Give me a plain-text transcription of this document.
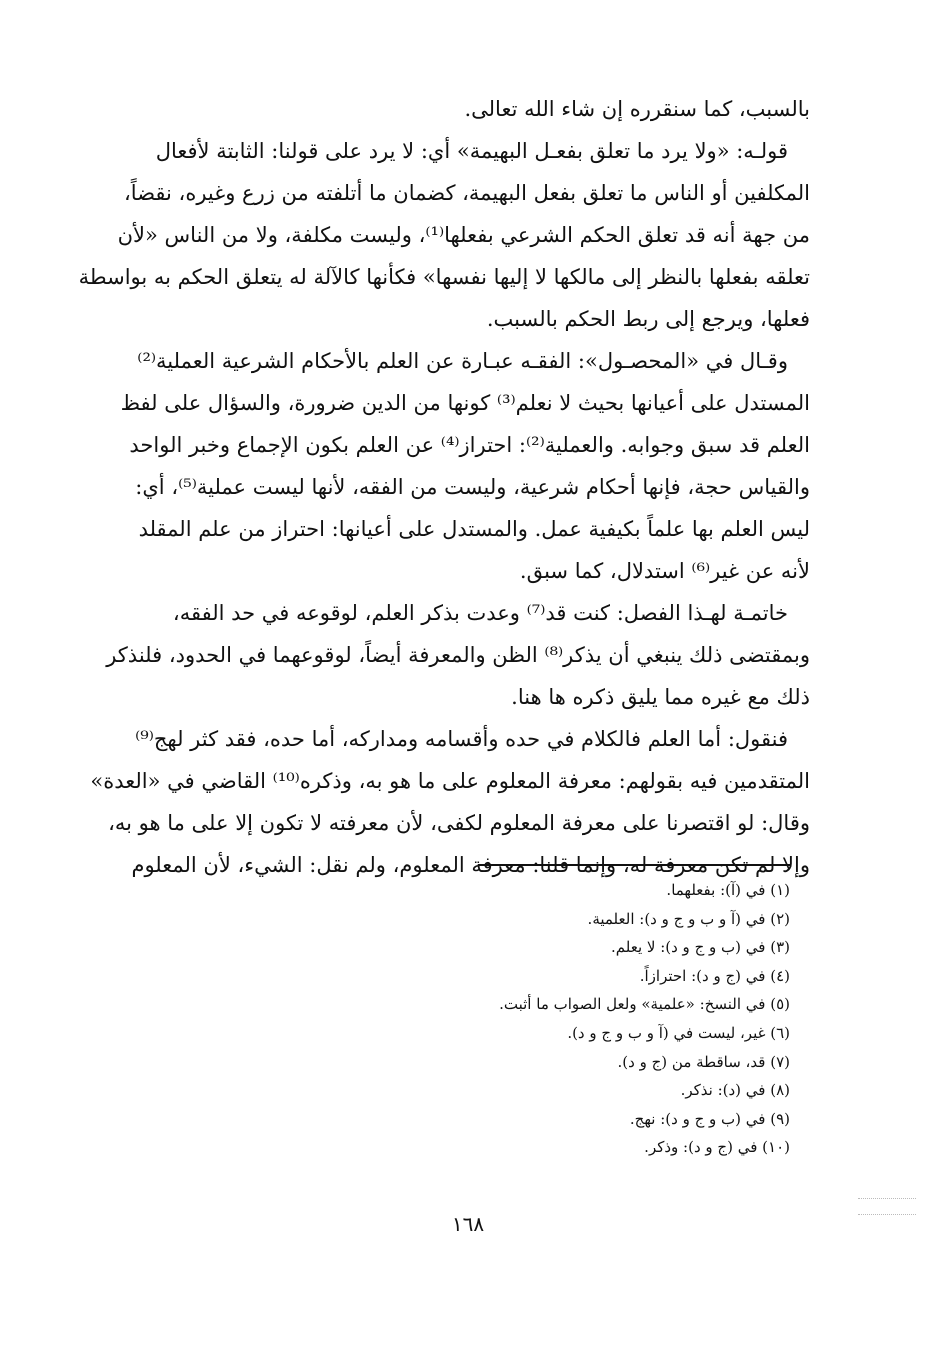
بالسبب، كما سنقرره إن شاء الله تعالى.
قولـه: «ولا يرد ما تعلق بفعـل البهيمة» أي: لا يرد على قولنا: الثابتة لأفعال
المكلفين أو الناس ما تعلق بفعل البهيمة، كضمان ما أتلفته من زرع وغيره، نقضاً،
من جهة أنه قد تعلق الحكم الشرعي بفعلها⁽¹⁾، وليست مكلفة، ولا من الناس «لأن
تعلقه بفعلها بالنظر إلى مالكها لا إليها نفسها» فكأنها كالآلة له يتعلق الحكم به بواسطة
فعلها، ويرجع إلى ربط الحكم بالسبب.
وقـال في «المحصـول»: الفقـه عبـارة عن العلم بالأحكام الشرعية العملية⁽²⁾
المستدل على أعيانها بحيث لا نعلم⁽³⁾ كونها من الدين ضرورة، والسؤال على لفظ
العلم قد سبق وجوابه. والعملية⁽²⁾: احتراز⁽⁴⁾ عن العلم بكون الإجماع وخبر الواحد
والقياس حجة، فإنها أحكام شرعية، وليست من الفقه، لأنها ليست عملية⁽⁵⁾، أي:
ليس العلم بها علماً بكيفية عمل. والمستدل على أعيانها: احتراز من علم المقلد
لأنه عن غير⁽⁶⁾ استدلال، كما سبق.
خاتمـة لهـذا الفصل: كنت قد⁽⁷⁾ وعدت بذكر العلم، لوقوعه في حد الفقه،
وبمقتضى ذلك ينبغي أن يذكر⁽⁸⁾ الظن والمعرفة أيضاً، لوقوعهما في الحدود، فلنذكر
ذلك مع غيره مما يليق ذكره ها هنا.
فنقول: أما العلم فالكلام في حده وأقسامه ومداركه، أما حده، فقد كثر لهج⁽⁹⁾
المتقدمين فيه بقولهم: معرفة المعلوم على ما هو به، وذكره⁽¹⁰⁾ القاضي في «العدة»
وقال: لو اقتصرنا على معرفة المعلوم لكفى، لأن معرفته لا تكون إلا على ما هو به،
وإلا لم تكن معرفة له، وإنما قلنا: معرفة المعلوم، ولم نقل: الشيء، لأن المعلوم
(١) في (آ): بفعلهما.
(٢) في (آ و ب و ج و د): العلمية.
(٣) في (ب و ج و د): لا يعلم.
(٤) في (ج و د): احترازاً.
(٥) في النسخ: «علمية» ولعل الصواب ما أثبت.
(٦) غير، ليست في (آ و ب و ج و د).
(٧) قد، ساقطة من (ج و د).
(٨) في (د): نذكر.
(٩) في (ب و ج و د): نهج.
(١٠) في (ج و د): وذكر.
١٦٨
